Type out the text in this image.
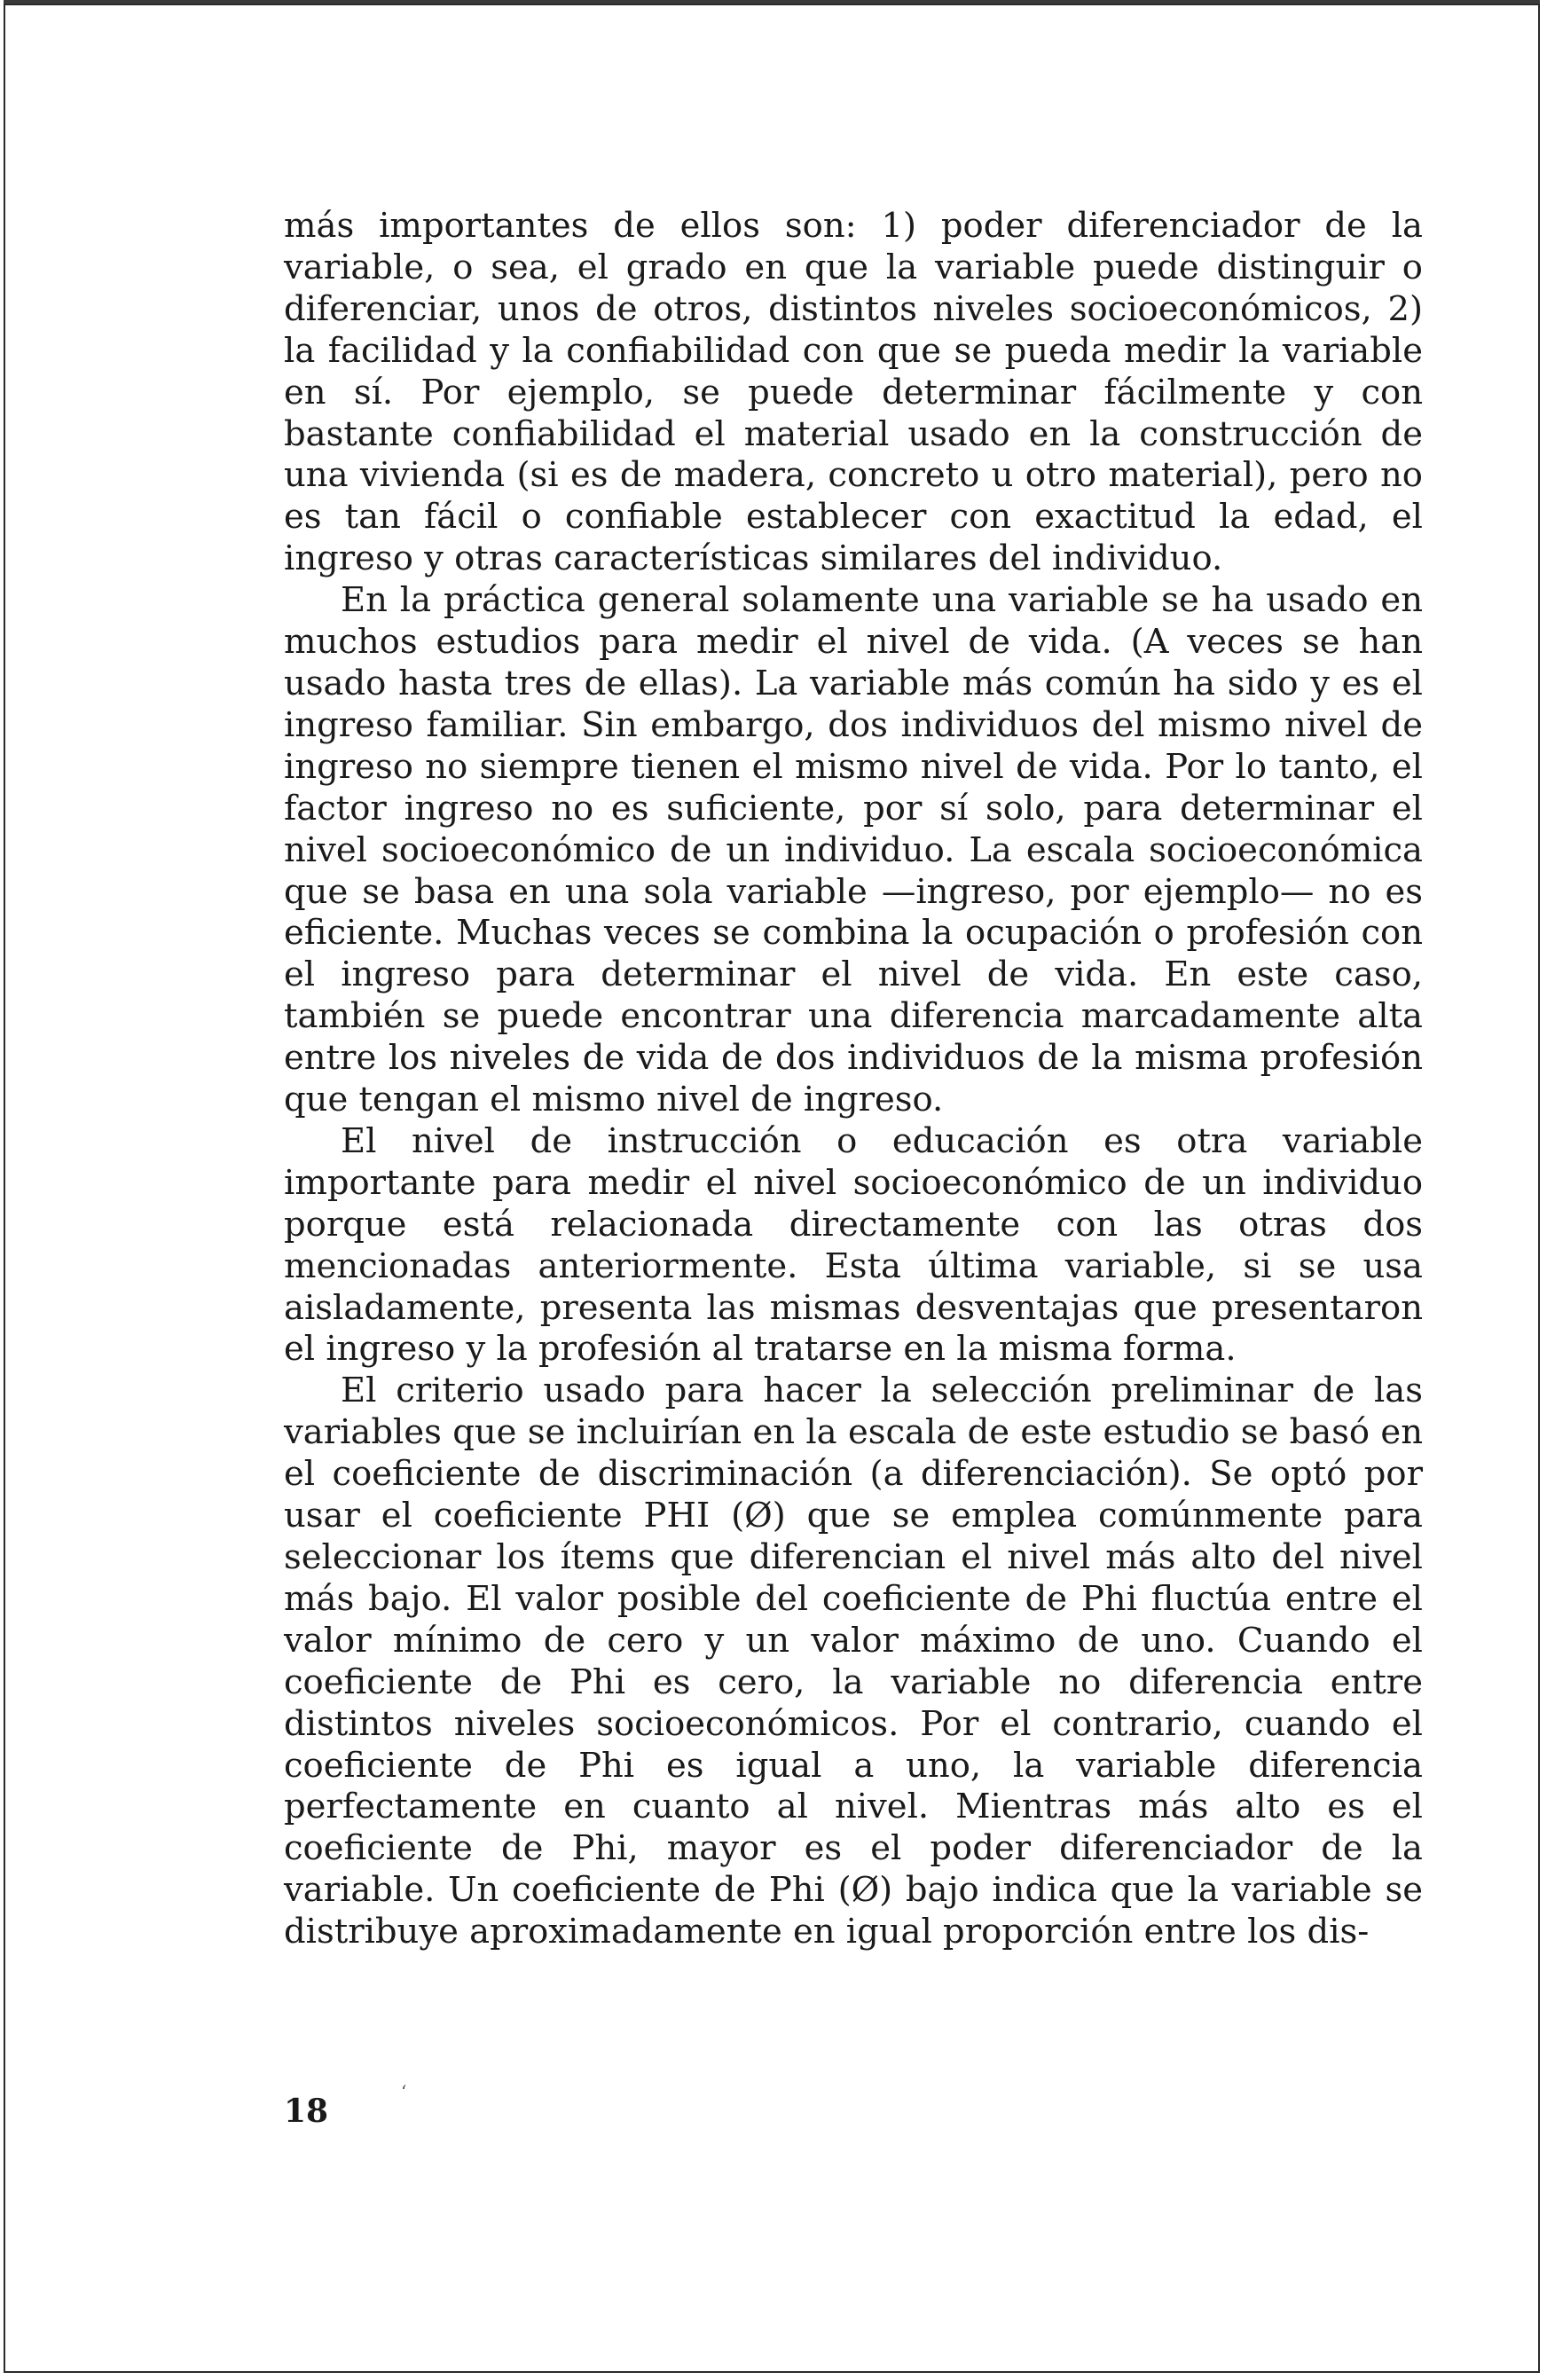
más importantes de ellos son: 1) poder diferenciador de la variable, o sea, el grado en que la variable puede distinguir o diferenciar, unos de otros, distintos niveles socioeconómicos, 2) la facilidad y la confiabilidad con que se pueda medir la variable en sí. Por ejemplo, se puede determinar fácilmente y con bastante confiabilidad el material usado en la construcción de una vivienda (si es de madera, concreto u otro material), pero no es tan fácil o confiable establecer con exactitud la edad, el ingreso y otras características similares del individuo.

En la práctica general solamente una variable se ha usado en muchos estudios para medir el nivel de vida. (A veces se han usado hasta tres de ellas). La variable más común ha sido y es el ingreso familiar. Sin embargo, dos individuos del mismo nivel de ingreso no siempre tienen el mismo nivel de vida. Por lo tanto, el factor ingreso no es suficiente, por sí solo, para determinar el nivel socioeconómico de un individuo. La escala socioeconómica que se basa en una sola variable —ingreso, por ejemplo— no es eficiente. Muchas veces se combina la ocupación o profesión con el ingreso para determinar el nivel de vida. En este caso, también se puede encontrar una diferencia marcadamente alta entre los niveles de vida de dos individuos de la misma profesión que tengan el mismo nivel de ingreso.

El nivel de instrucción o educación es otra variable importante para medir el nivel socioeconómico de un individuo porque está relacionada directamente con las otras dos mencionadas anteriormente. Esta última variable, si se usa aisladamente, presenta las mismas desventajas que presentaron el ingreso y la profesión al tratarse en la misma forma.

El criterio usado para hacer la selección preliminar de las variables que se incluirían en la escala de este estudio se basó en el coeficiente de discriminación (a diferenciación). Se optó por usar el coeficiente PHI (Ø) que se emplea comúnmente para seleccionar los ítems que diferencian el nivel más alto del nivel más bajo. El valor posible del coeficiente de Phi fluctúa entre el valor mínimo de cero y un valor máximo de uno. Cuando el coeficiente de Phi es cero, la variable no diferencia entre distintos niveles socioeconómicos. Por el contrario, cuando el coeficiente de Phi es igual a uno, la variable diferencia perfectamente en cuanto al nivel. Mientras más alto es el coeficiente de Phi, mayor es el poder diferenciador de la variable. Un coeficiente de Phi (Ø) bajo indica que la variable se distribuye aproximadamente en igual proporción entre los dis-

ʻ
18
